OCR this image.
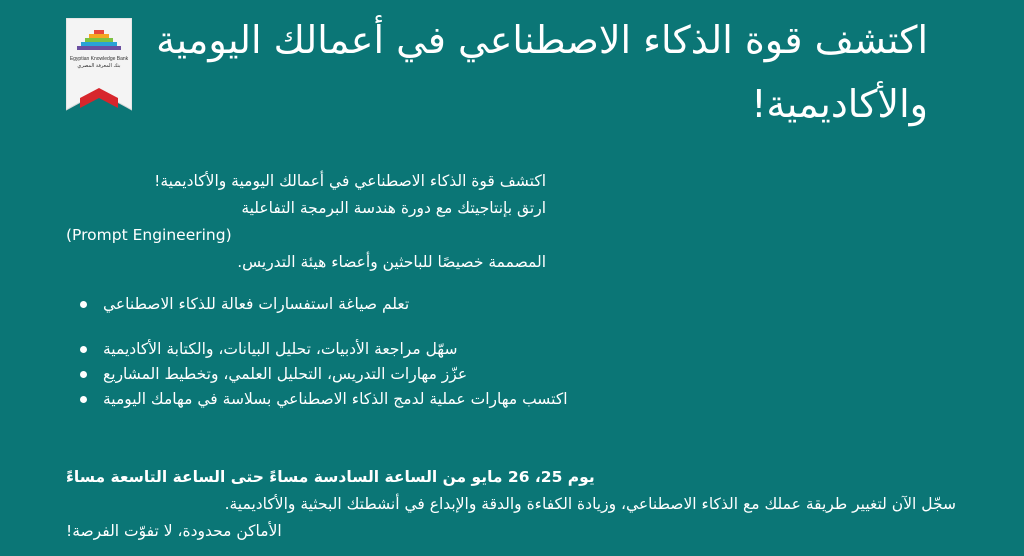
Egyptian Knowledge Bank
بنك المعرفة المصري
اكتشف قوة الذكاء الاصطناعي في أعمالك اليومية والأكاديمية!
اكتشف قوة الذكاء الاصطناعي في أعمالك اليومية والأكاديمية!
ارتق بإنتاجيتك مع دورة هندسة البرمجة التفاعلية
(Prompt Engineering)
المصممة خصيصًا للباحثين وأعضاء هيئة التدريس.
تعلم صياغة استفسارات فعالة للذكاء الاصطناعي
سهّل مراجعة الأدبيات، تحليل البيانات، والكتابة الأكاديمية
عزّز مهارات التدريس، التحليل العلمي، وتخطيط المشاريع
اكتسب مهارات عملية لدمج الذكاء الاصطناعي بسلاسة في مهامك اليومية
يوم 25، 26 مايو من الساعة السادسة مساءً حتى الساعة التاسعة مساءً
سجّل الآن لتغيير طريقة عملك مع الذكاء الاصطناعي، وزيادة الكفاءة والدقة والإبداع في أنشطتك البحثية والأكاديمية.
الأماكن محدودة، لا تفوّت الفرصة!
